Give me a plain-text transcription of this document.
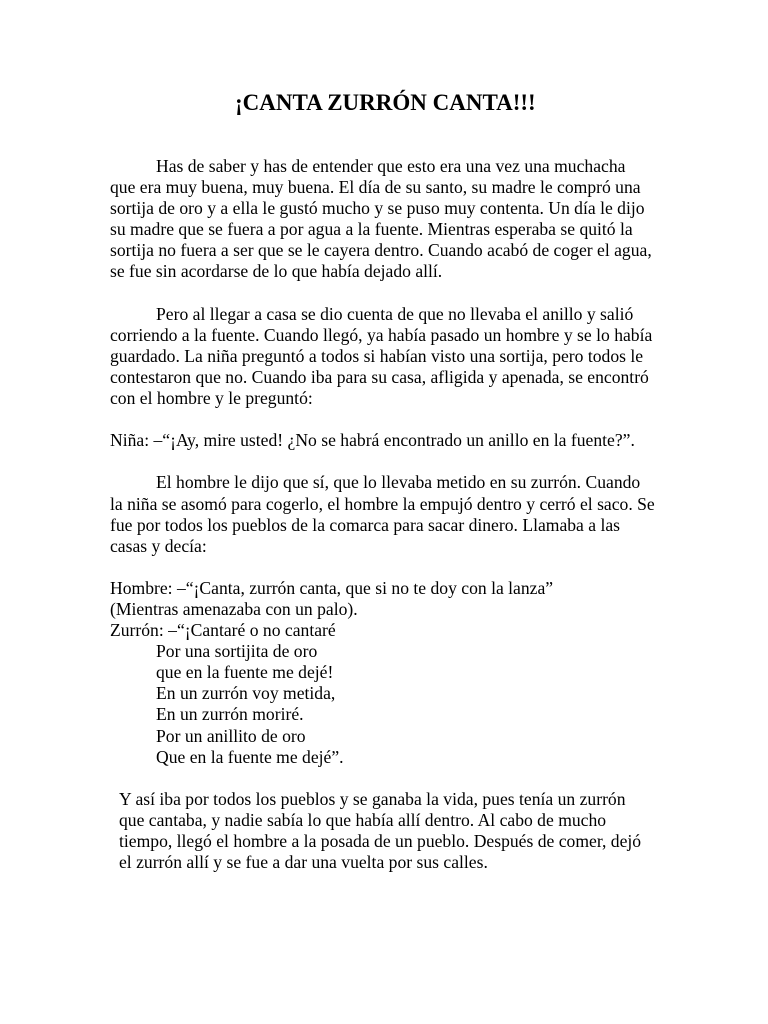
¡CANTA ZURRÓN CANTA!!!

Has de saber y has de entender que esto era una vez una muchacha que era muy buena, muy buena. El día de su santo, su madre le compró una sortija de oro y a ella le gustó mucho y se puso muy contenta. Un día le dijo su madre que se fuera a por agua a la fuente. Mientras esperaba se quitó la sortija no fuera a ser que se le cayera dentro. Cuando acabó de coger el agua, se fue sin acordarse de lo que había dejado allí.

Pero al llegar a casa se dio cuenta de que no llevaba el anillo y salió corriendo a la fuente. Cuando llegó, ya había pasado un hombre y se lo había guardado. La niña preguntó a todos si habían visto una sortija, pero todos le contestaron que no. Cuando iba para su casa, afligida y apenada, se encontró con el hombre y le preguntó:

Niña: –“¡Ay, mire usted! ¿No se habrá encontrado un anillo en la fuente?”.

El hombre le dijo que sí, que lo llevaba metido en su zurrón. Cuando la niña se asomó para cogerlo, el hombre la empujó dentro y cerró el saco. Se fue por todos los pueblos de la comarca para sacar dinero. Llamaba a las casas y decía:

Hombre: –“¡Canta, zurrón canta, que si no te doy con la lanza”

(Mientras amenazaba con un palo).

Zurrón: –“¡Cantaré o no cantaré

Por una sortijita de oro

que en la fuente me dejé!

En un zurrón voy metida,

En un zurrón moriré.

Por un anillito de oro

Que en la fuente me dejé”.

Y así iba por todos los pueblos y se ganaba la vida, pues tenía un zurrón que cantaba, y nadie sabía lo que había allí dentro. Al cabo de mucho tiempo, llegó el hombre a la posada de un pueblo. Después de comer, dejó el zurrón allí y se fue a dar una vuelta por sus calles.
